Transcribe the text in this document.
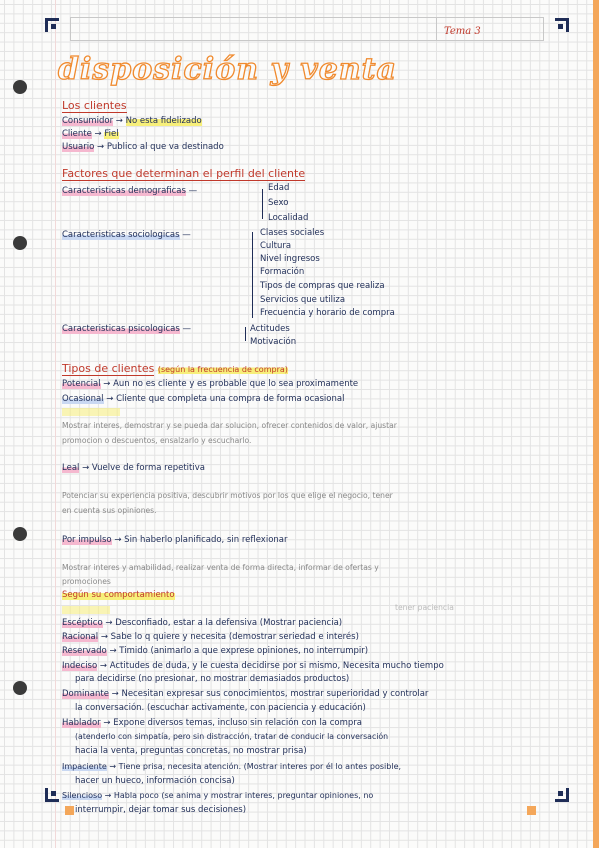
Tema 3
disposición y venta
Los clientes
Consumidor → No esta fidelizado
Cliente → Fiel
Usuario → Publico al que va destinado
Factores que determinan el perfil del cliente
Caracteristicas demograficas —	Edad
Sexo
Localidad
Caracteristicas sociologicas —	Clases sociales
Cultura
Nivel ingresos
Formación
Tipos de compras que realiza
Servicios que utiliza
Frecuencia y horario de compra
Caracteristicas psicologicas —	Actitudes
Motivación
Tipos de clientes (según la frecuencia de compra)
Potencial → Aun no es cliente y es probable que lo sea proximamente
Ocasional → Cliente que completa una compra de forma ocasional
Mostrar interes, demostrar y se pueda dar solucion, ofrecer contenidos de valor, ajustar
promocion o descuentos, ensalzarlo y escucharlo.
Leal → Vuelve de forma repetitiva
Potenciar su experiencia positiva, descubrir motivos por los que elige el negocio, tener
en cuenta sus opiniones.
Por impulso → Sin haberlo planificado, sin reflexionar
Mostrar interes y amabilidad, realizar venta de forma directa, informar de ofertas y
promociones
Según su comportamiento
tener paciencia
Escéptico → Desconfiado, estar a la defensiva (Mostrar paciencia)
Racional → Sabe lo q quiere y necesita (demostrar seriedad e interés)
Reservado → Timido (animarlo a que exprese opiniones, no interrumpir)
Indeciso → Actitudes de duda, y le cuesta decidirse por si mismo, Necesita mucho tiempo
para decidirse (no presionar, no mostrar demasiados productos)
Dominante → Necesitan expresar sus conocimientos, mostrar superioridad y controlar
la conversación. (escuchar activamente, con paciencia y educación)
Hablador → Expone diversos temas, incluso sin relación con la compra
(atenderlo con simpatía, pero sin distracción, tratar de conducir la conversación
hacia la venta, preguntas concretas, no mostrar prisa)
Impaciente → Tiene prisa, necesita atención. (Mostrar interes por él lo antes posible,
hacer un hueco, información concisa)
Silencioso → Habla poco (se anima y mostrar interes, preguntar opiniones, no
interrumpir, dejar tomar sus decisiones)
